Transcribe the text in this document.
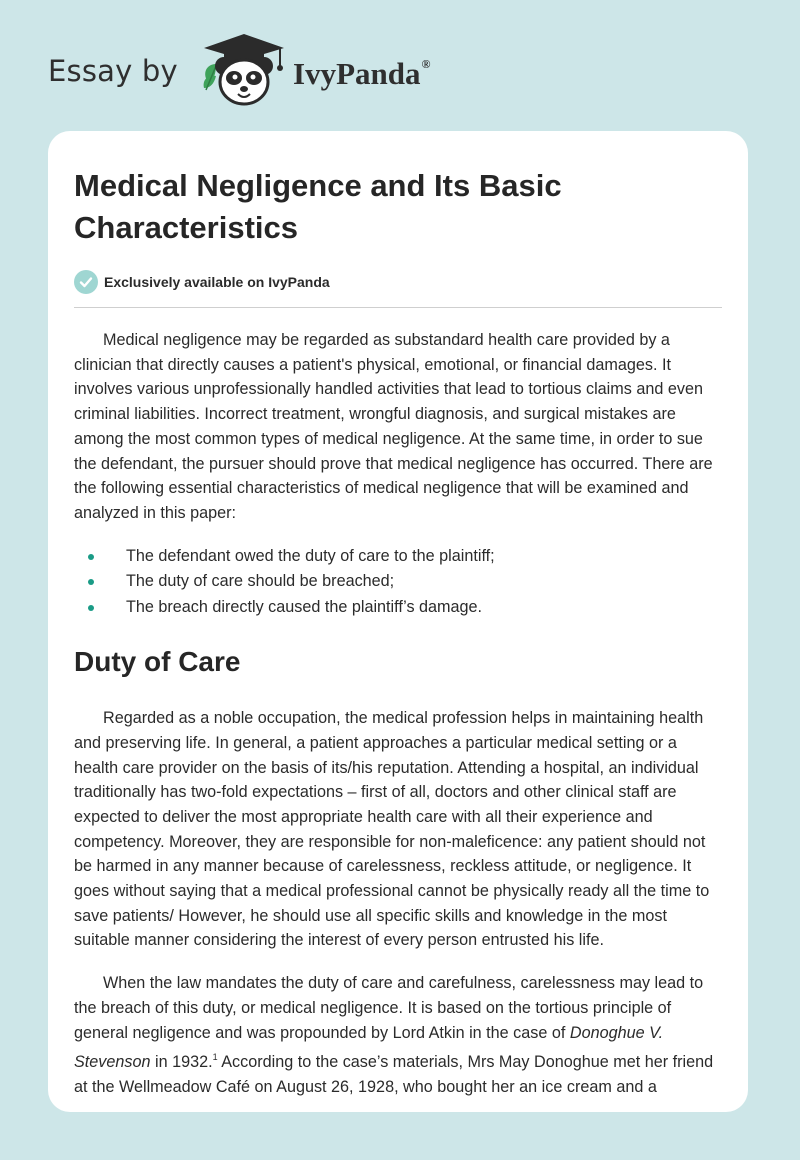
Essay by	IvyPanda®
Medical Negligence and Its Basic Characteristics
Exclusively available on IvyPanda

Medical negligence may be regarded as substandard health care provided by a clinician that directly causes a patient's physical, emotional, or financial damages. It involves various unprofessionally handled activities that lead to tortious claims and even criminal liabilities. Incorrect treatment, wrongful diagnosis, and surgical mistakes are among the most common types of medical negligence. At the same time, in order to sue the defendant, the pursuer should prove that medical negligence has occurred. There are the following essential characteristics of medical negligence that will be examined and analyzed in this paper:

The defendant owed the duty of care to the plaintiff;
The duty of care should be breached;
The breach directly caused the plaintiff’s damage.
Duty of Care

Regarded as a noble occupation, the medical profession helps in maintaining health and preserving life. In general, a patient approaches a particular medical setting or a health care provider on the basis of its/his reputation. Attending a hospital, an individual traditionally has two-fold expectations – first of all, doctors and other clinical staff are expected to deliver the most appropriate health care with all their experience and competency. Moreover, they are responsible for non-maleficence: any patient should not be harmed in any manner because of carelessness, reckless attitude, or negligence. It goes without saying that a medical professional cannot be physically ready all the time to save patients/ However, he should use all specific skills and knowledge in the most suitable manner considering the interest of every person entrusted his life.

When the law mandates the duty of care and carefulness, carelessness may lead to the breach of this duty, or medical negligence. It is based on the tortious principle of general negligence and was propounded by Lord Atkin in the case of Donoghue V. Stevenson in 1932.$^1$ According to the case’s materials, Mrs May Donoghue met her friend at the Wellmeadow Café on August 26, 1928, who bought her an ice cream and a
